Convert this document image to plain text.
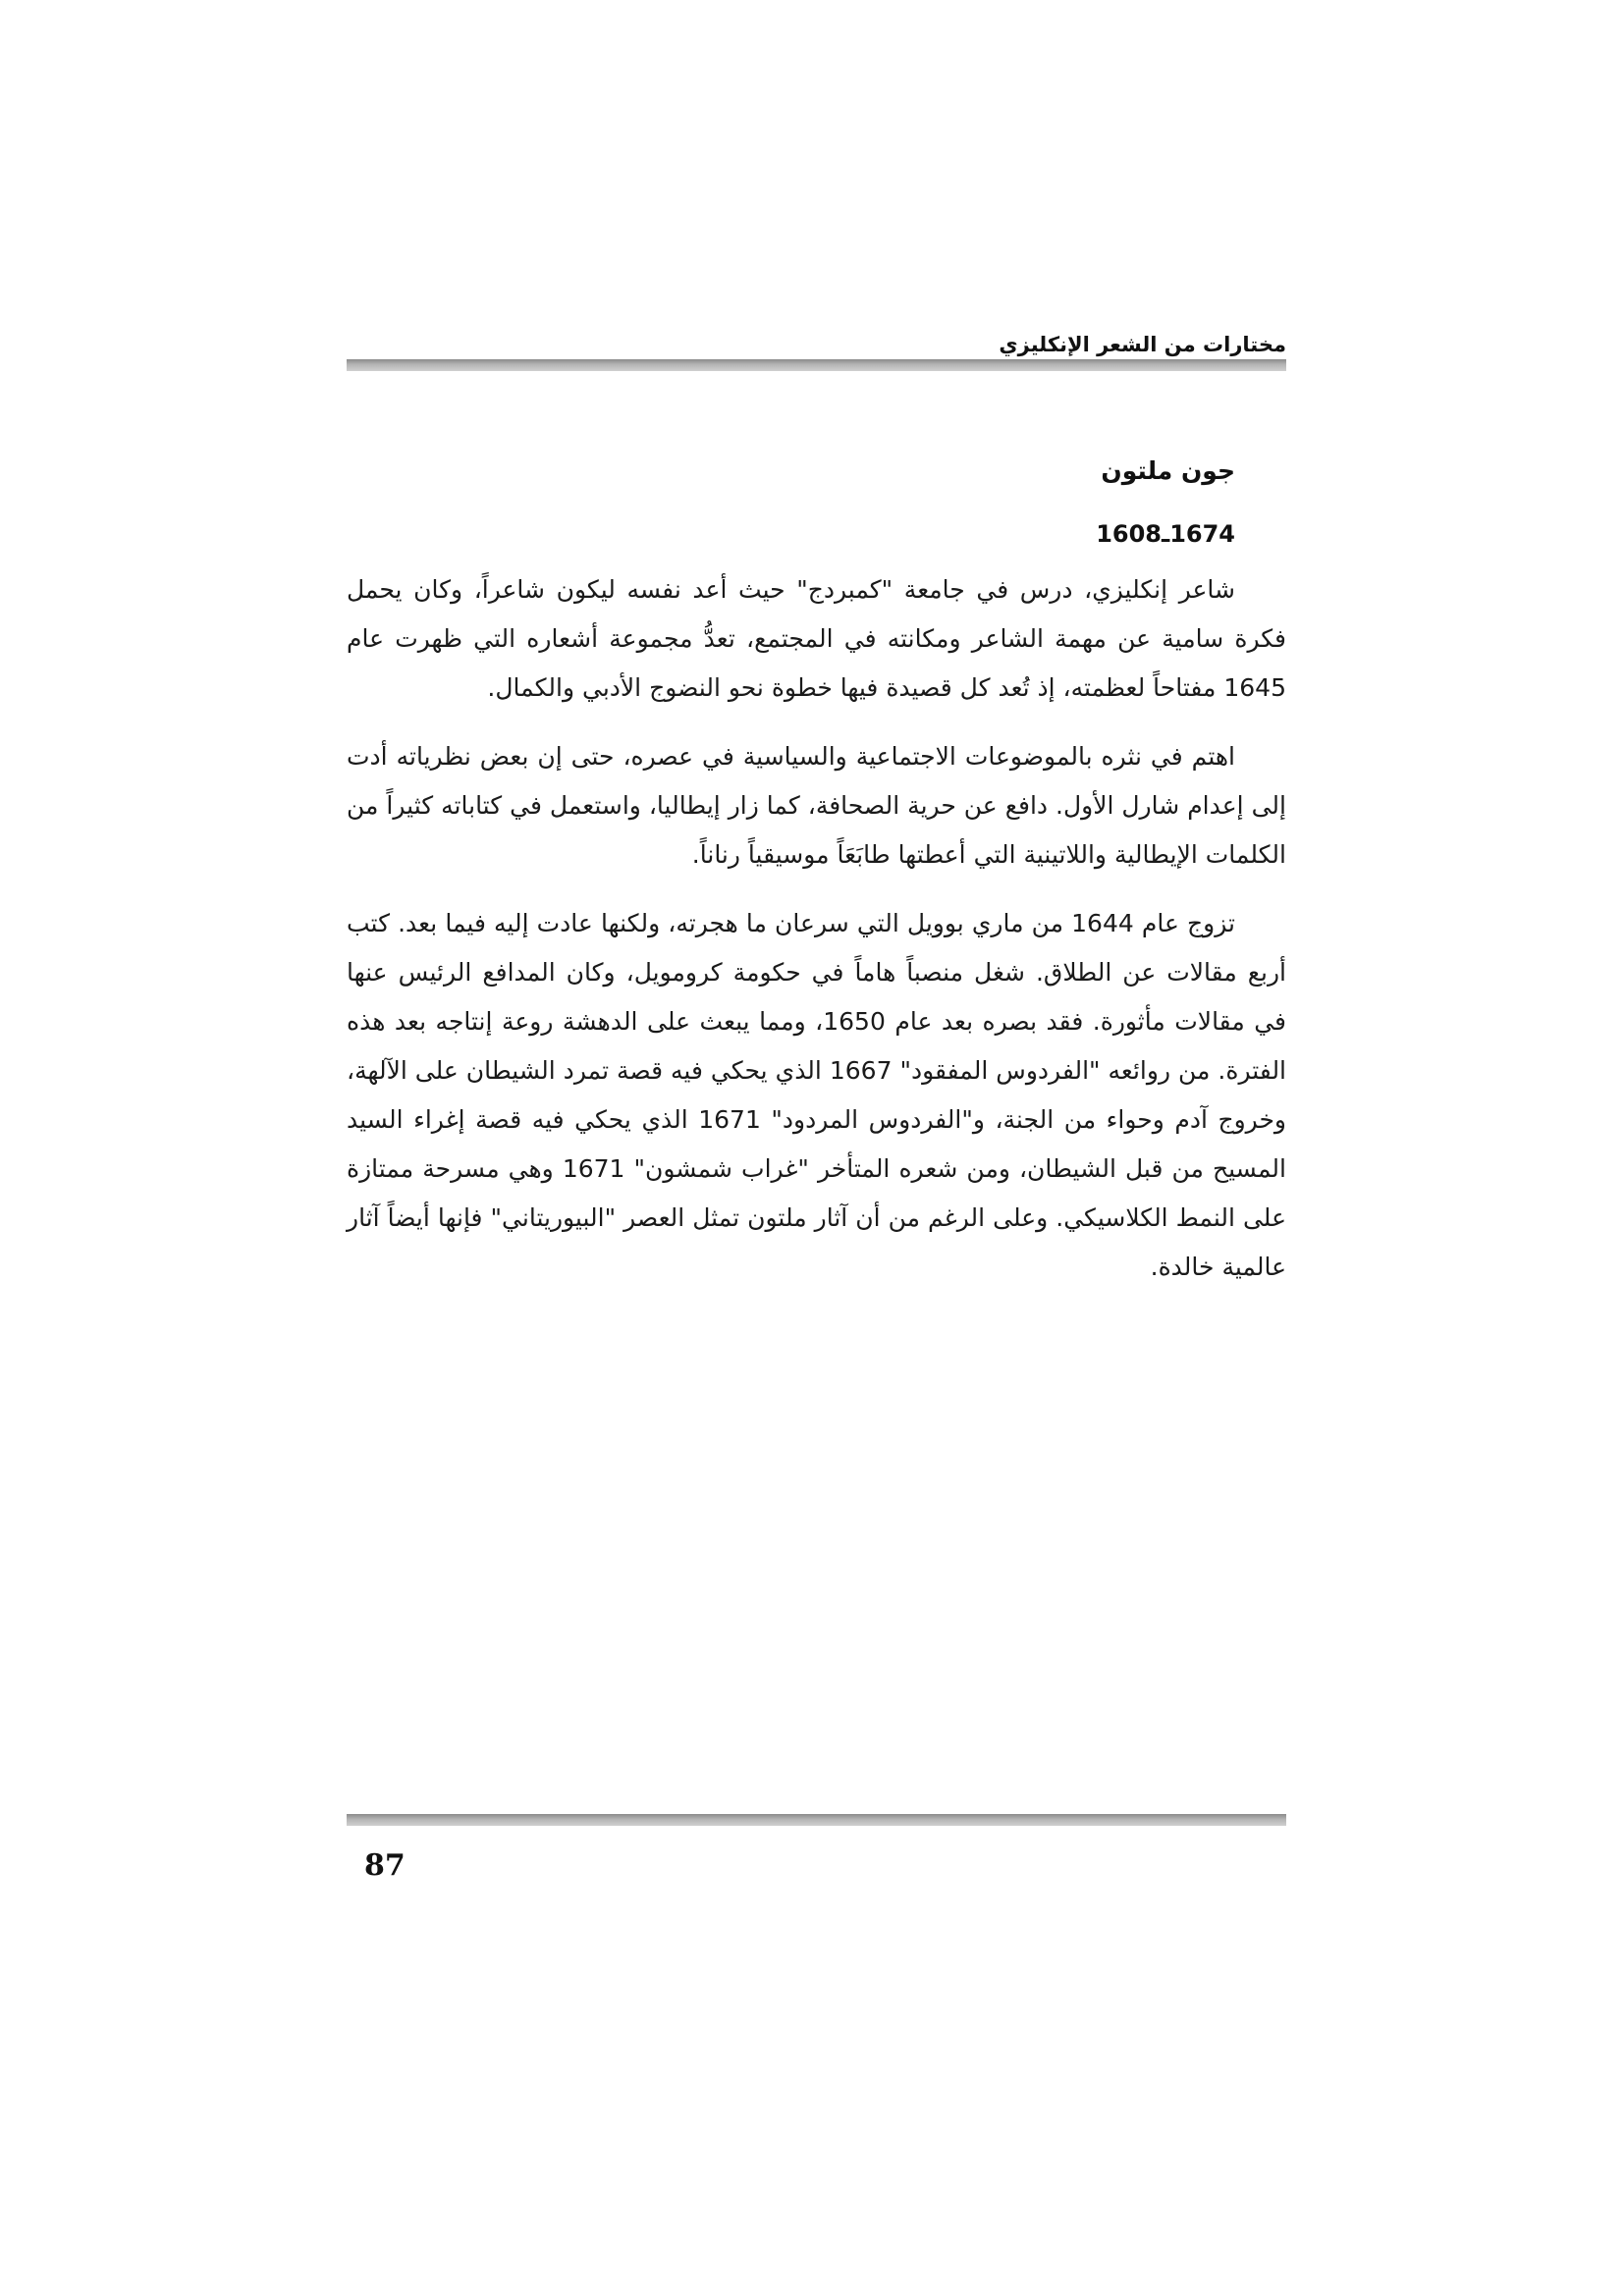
مختارات من الشعر الإنكليزي
جون ملتون
1674ـ1608

شاعر إنكليزي، درس في جامعة "كمبردج" حيث أعد نفسه ليكون شاعراً، وكان يحمل فكرة سامية عن مهمة الشاعر ومكانته في المجتمع، تعدُّ مجموعة أشعاره التي ظهرت عام 1645 مفتاحاً لعظمته، إذ تُعد كل قصيدة فيها خطوة نحو النضوج الأدبي والكمال.

اهتم في نثره بالموضوعات الاجتماعية والسياسية في عصره، حتى إن بعض نظرياته أدت إلى إعدام شارل الأول. دافع عن حرية الصحافة، كما زار إيطاليا، واستعمل في كتاباته كثيراً من الكلمات الإيطالية واللاتينية التي أعطتها طابَعَاً موسيقياً رناناً.

تزوج عام 1644 من ماري بوويل التي سرعان ما هجرته، ولكنها عادت إليه فيما بعد. كتب أربع مقالات عن الطلاق. شغل منصباً هاماً في حكومة كرومويل، وكان المدافع الرئيس عنها في مقالات مأثورة. فقد بصره بعد عام 1650، ومما يبعث على الدهشة روعة إنتاجه بعد هذه الفترة. من روائعه "الفردوس المفقود" 1667 الذي يحكي فيه قصة تمرد الشيطان على الآلهة، وخروج آدم وحواء من الجنة، و"الفردوس المردود" 1671 الذي يحكي فيه قصة إغراء السيد المسيح من قبل الشيطان، ومن شعره المتأخر "غراب شمشون" 1671 وهي مسرحة ممتازة على النمط الكلاسيكي. وعلى الرغم من أن آثار ملتون تمثل العصر "البيوريتاني" فإنها أيضاً آثار عالمية خالدة.

87
